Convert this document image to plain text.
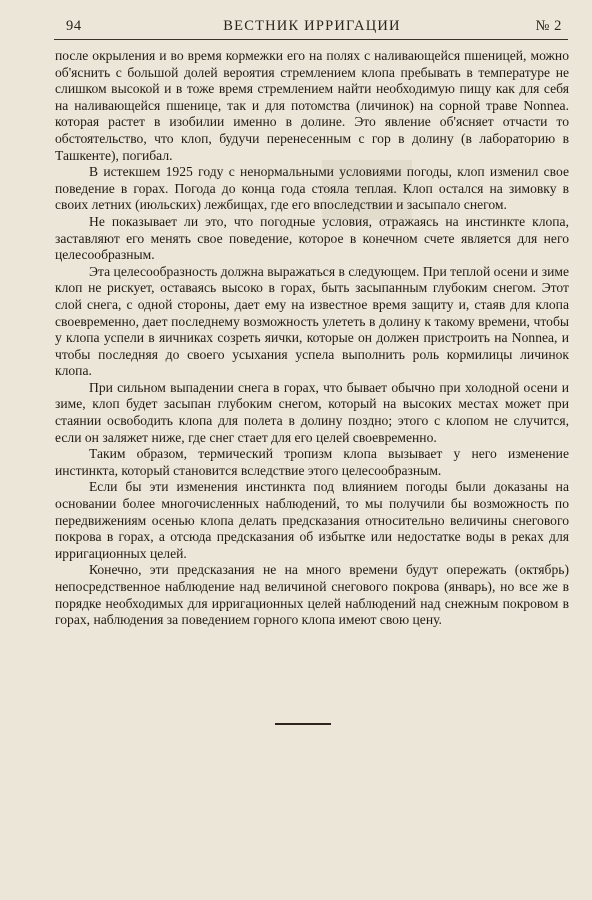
94	ВЕСТНИК ИРРИГАЦИИ	№ 2

после окрыления и во время кормежки его на полях с наливающейся пшеницей, можно об'яснить с большой долей вероятия стремлением клопа пребывать в температуре не слишком высокой и в тоже время стремлением найти необходимую пищу как для себя на наливающейся пшенице, так и для потомства (личинок) на сорной траве Nonnea. которая растет в изобилии именно в долине. Это явление об'ясняет отчасти то обстоятельство, что клоп, будучи перенесенным с гор в долину (в лабораторию в Ташкенте), погибал.

В истекшем 1925 году с ненормальными условиями погоды, клоп изменил свое поведение в горах. Погода до конца года стояла теплая. Клоп остался на зимовку в своих летних (июльских) лежбищах, где его впоследствии и засыпало снегом.

Не показывает ли это, что погодные условия, отражаясь на инстинкте клопа, заставляют его менять свое поведение, которое в конечном счете является для него целесообразным.

Эта целесообразность должна выражаться в следующем. При теплой осени и зиме клоп не рискует, оставаясь высоко в горах, быть засыпанным глубоким снегом. Этот слой снега, с одной стороны, дает ему на известное время защиту и, стаяв для клопа своевременно, дает последнему возможность улететь в долину к такому времени, чтобы у клопа успели в яичниках созреть яички, которые он должен пристроить на Nonnea, и чтобы последняя до своего усыхания успела выполнить роль кормилицы личинок клопа.

При сильном выпадении снега в горах, что бывает обычно при холодной осени и зиме, клоп будет засыпан глубоким снегом, который на высоких местах может при стаянии освободить клопа для полета в долину поздно; этого с клопом не случится, если он заляжет ниже, где снег стает для его целей своевременно.

Таким образом, термический тропизм клопа вызывает у него изменение инстинкта, который становится вследствие этого целесообразным.

Если бы эти изменения инстинкта под влиянием погоды были доказаны на основании более многочисленных наблюдений, то мы получили бы возможность по передвижениям осенью клопа делать предсказания относительно величины снегового покрова в горах, а отсюда предсказания об избытке или недостатке воды в реках для ирригационных целей.

Конечно, эти предсказания не на много времени будут опережать (октябрь) непосредственное наблюдение над величиной снегового покрова (январь), но все же в порядке необходимых для ирригационных целей наблюдений над снежным покровом в горах, наблюдения за поведением горного клопа имеют свою цену.
